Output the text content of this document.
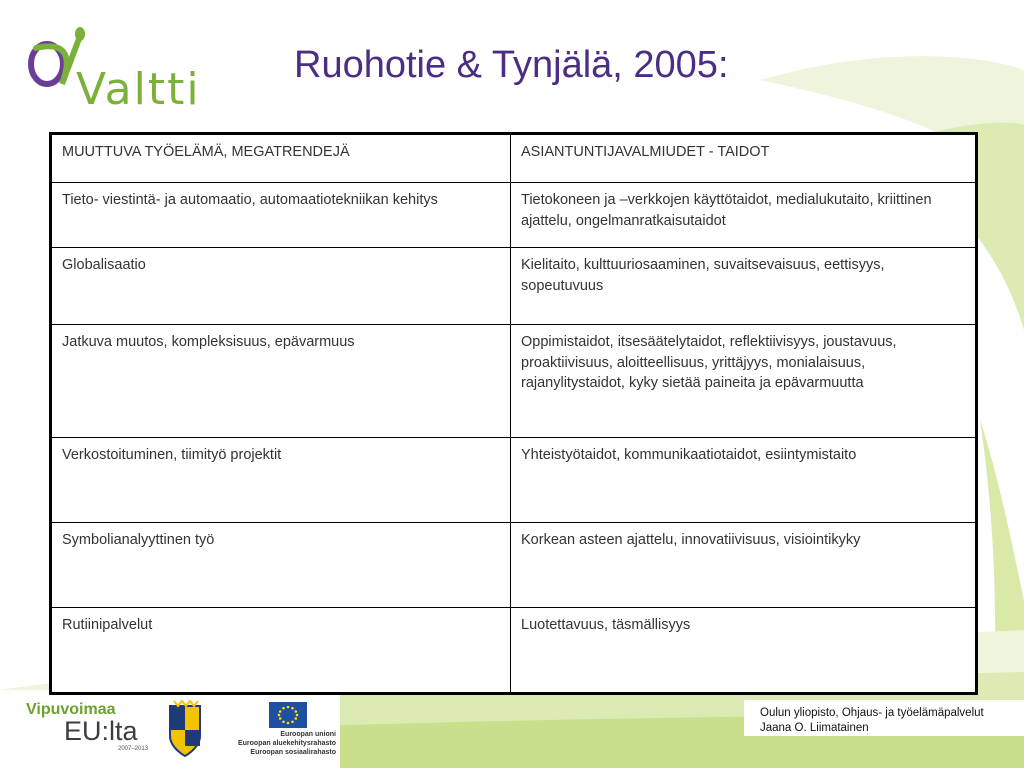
Valtti Ruohotie & Tynjälä, 2005:
MUUTTUVA TYÖELÄMÄ, MEGATRENDEJÄ	ASIANTUNTIJAVALMIUDET - TAIDOT
Tieto- viestintä- ja automaatio, automaatiotekniikan kehitys	Tietokoneen ja –verkkojen käyttötaidot, medialukutaito, kriittinen ajattelu, ongelmanratkaisutaidot
Globalisaatio	Kielitaito, kulttuuriosaaminen, suvaitsevaisuus, eettisyys, sopeutuvuus
Jatkuva muutos, kompleksisuus, epävarmuus	Oppimistaidot, itsesäätelytaidot, reflektiivisyys, joustavuus, proaktiivisuus, aloitteellisuus, yrittäjyys, monialaisuus, rajanylitystaidot, kyky sietää paineita ja epävarmuutta
Verkostoituminen, tiimityö projektit	Yhteistyötaidot, kommunikaatiotaidot, esiintymistaito
Symbolianalyyttinen työ	Korkean asteen ajattelu, innovatiivisuus, visiointikyky
Rutiinipalvelut	Luotettavuus, täsmällisyys
Vipuvoimaa
EU:lta
2007–2013
Euroopan unioni
Euroopan aluekehitysrahasto
Euroopan sosiaalirahasto
Oulun yliopisto, Ohjaus- ja työelämäpalvelut
Jaana O. Liimatainen
